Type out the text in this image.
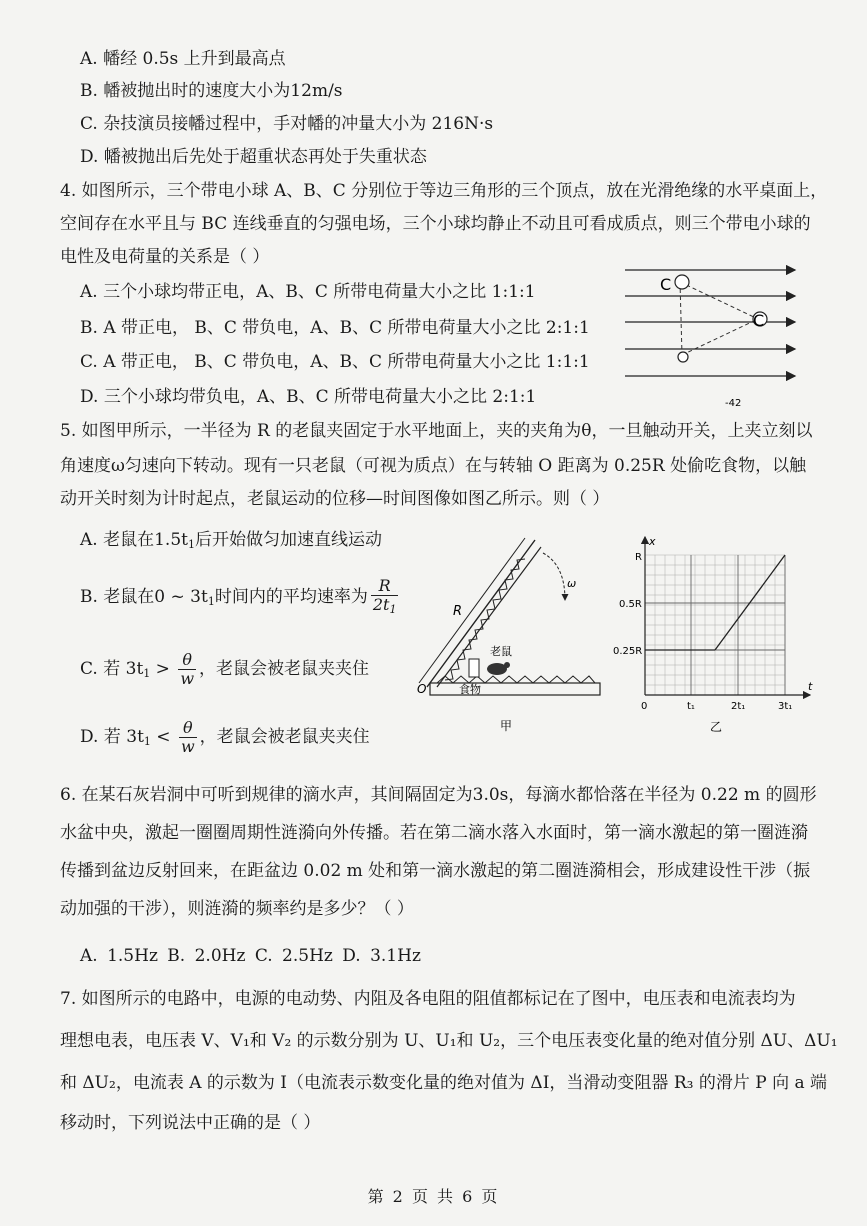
A. 幡经 0.5s 上升到最高点
B. 幡被抛出时的速度大小为12m/s
C. 杂技演员接幡过程中，手对幡的冲量大小为 216N·s
D. 幡被抛出后先处于超重状态再处于失重状态
4. 如图所示，三个带电小球 A、B、C 分别位于等边三角形的三个顶点，放在光滑绝缘的水平桌面上，
空间存在水平且与 BC 连线垂直的匀强电场，三个小球均静止不动且可看成质点，则三个带电小球的
电性及电荷量的关系是（ ）
A. 三个小球均带正电，A、B、C 所带电荷量大小之比 1:1:1
B. A 带正电， B、C 带负电，A、B、C 所带电荷量大小之比 2:1:1
C. A 带正电， B、C 带负电，A、B、C 所带电荷量大小之比 1:1:1
D. 三个小球均带负电，A、B、C 所带电荷量大小之比 2:1:1
C
C
-42
5. 如图甲所示，一半径为 R 的老鼠夹固定于水平地面上，夹的夹角为θ，一旦触动开关，上夹立刻以
角速度ω匀速向下转动。现有一只老鼠（可视为质点）在与转轴 O 距离为 0.25R 处偷吃食物，以触
动开关时刻为计时起点，老鼠运动的位移—时间图像如图乙所示。则（ ）
A. 老鼠在$1.5t_1$后开始做匀加速直线运动
B. 老鼠在0 ~ $3t_1$时间内的平均速率为 $\frac{R}{2t_1}$
C. 若 $3t_1 > \frac{\theta}{w}$ ，老鼠会被老鼠夹夹住
D. 若 $3t_1 < \frac{\theta}{w}$ ，老鼠会被老鼠夹夹住
R
ω
老鼠
食物
O
甲
x
t
R
0.5R
0.25R
0	t₁	2t₁	3t₁
乙
6. 在某石灰岩洞中可听到规律的滴水声，其间隔固定为3.0s，每滴水都恰落在半径为 0.22 m 的圆形
水盆中央，激起一圈圈周期性涟漪向外传播。若在第二滴水落入水面时，第一滴水激起的第一圈涟漪
传播到盆边反射回来，在距盆边 0.02 m 处和第一滴水激起的第二圈涟漪相会，形成建设性干涉（振
动加强的干涉），则涟漪的频率约是多少？（ ）
A. 1.5Hz B. 2.0Hz C. 2.5Hz D. 3.1Hz
7. 如图所示的电路中，电源的电动势、内阻及各电阻的阻值都标记在了图中，电压表和电流表均为
理想电表，电压表 V、V₁和 V₂ 的示数分别为 U、U₁和 U₂，三个电压表变化量的绝对值分别 ΔU、ΔU₁
和 ΔU₂，电流表 A 的示数为 I（电流表示数变化量的绝对值为 ΔI，当滑动变阻器 R₃ 的滑片 P 向 a 端
移动时，下列说法中正确的是（ ）
第 2 页 共 6 页
